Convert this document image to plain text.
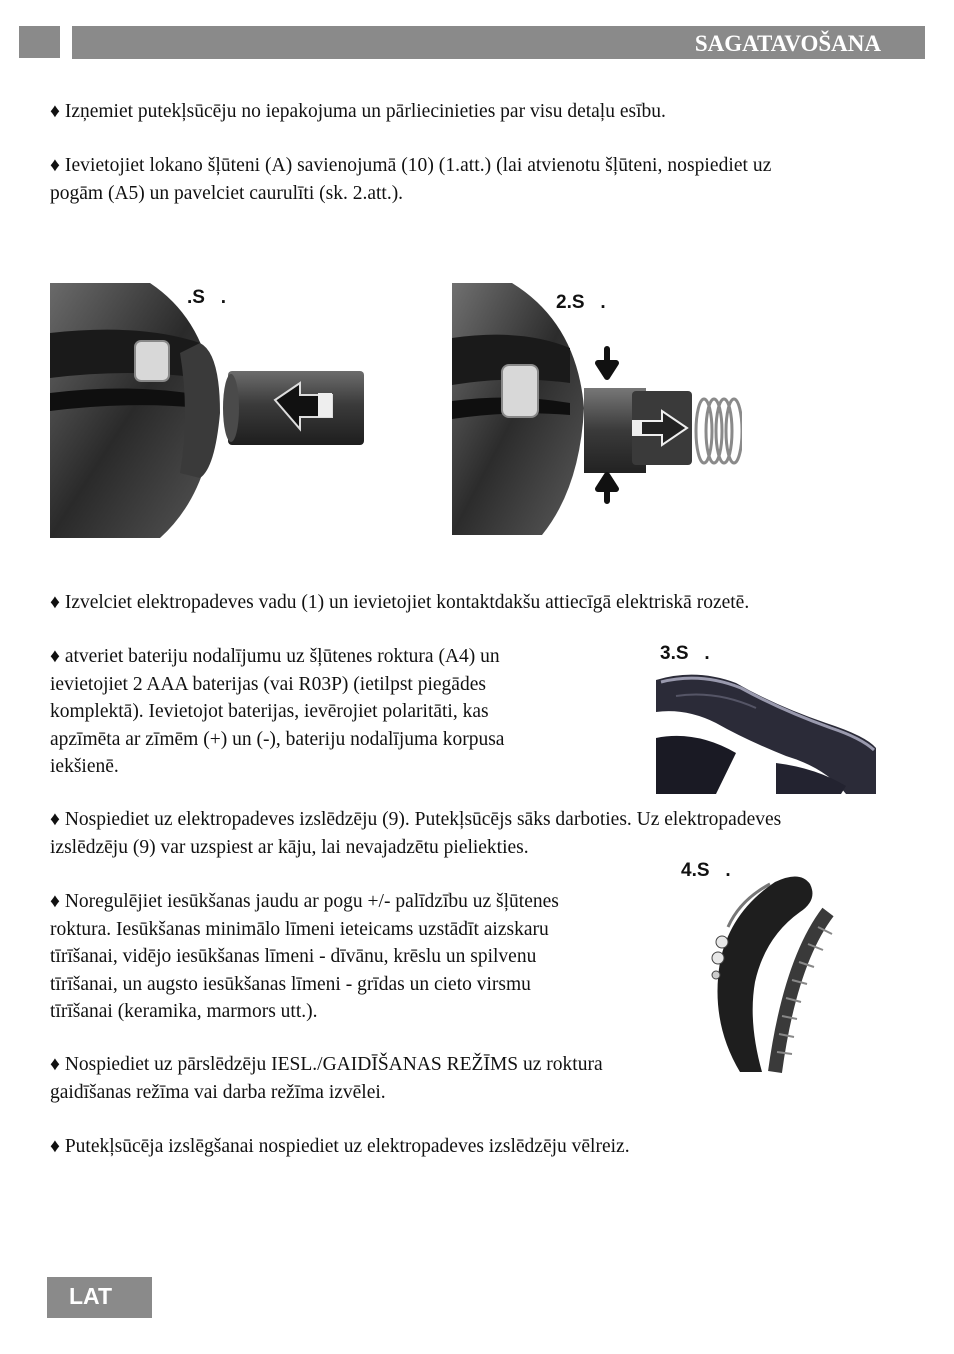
SAGATAVOŠANA

♦ Izņemiet putekļsūcēju no iepakojuma un pārliecinieties par visu detaļu esību.

♦ Ievietojiet lokano šļūteni (A) savienojumā (10) (1.att.) (lai atvienotu šļūteni, nospiediet uz
pogām (A5) un pavelciet caurulīti (sk. 2.att.).

.S   .	2.S   .

♦ Izvelciet elektropadeves vadu (1) un ievietojiet kontaktdakšu attiecīgā elektriskā rozetē.

♦ atveriet bateriju nodalījumu uz šļūtenes roktura (A4) un
ievietojiet 2 AAA baterijas (vai R03P) (ietilpst piegādes
komplektā). Ievietojot baterijas, ievērojiet polaritāti, kas
apzīmēta ar zīmēm (+) un (-), bateriju nodalījuma korpusa
iekšienē.

3.S   .

♦ Nospiediet uz elektropadeves izslēdzēju (9). Putekļsūcējs sāks darboties. Uz elektropadeves
izslēdzēju (9) var uzspiest ar kāju, lai nevajadzētu pieliekties.

4.S   .

♦ Noregulējiet iesūkšanas jaudu ar pogu +/- palīdzību uz šļūtenes
roktura. Iesūkšanas minimālo līmeni ieteicams uzstādīt aizskaru
tīrīšanai, vidējo iesūkšanas līmeni - dīvānu, krēslu un spilvenu
tīrīšanai, un augsto iesūkšanas līmeni - grīdas un cieto virsmu
tīrīšanai (keramika, marmors utt.).

♦ Nospiediet uz pārslēdzēju IESL./GAIDĪŠANAS REŽĪMS uz roktura
gaidīšanas režīma vai darba režīma izvēlei.

♦ Putekļsūcēja izslēgšanai nospiediet uz elektropadeves izslēdzēju vēlreiz.

LAT
